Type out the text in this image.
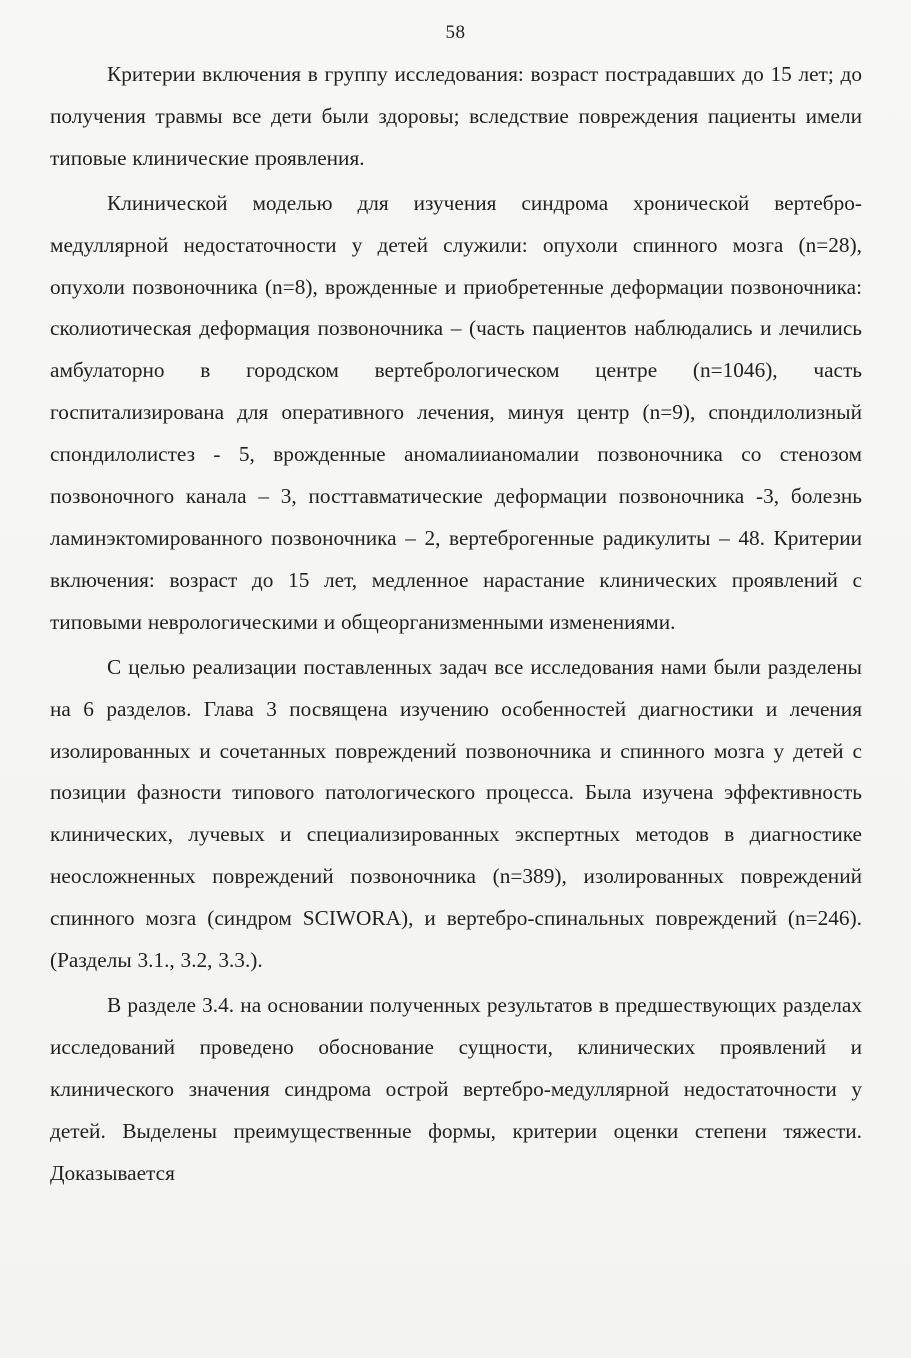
58

Критерии включения в группу исследования: возраст пострадавших до 15 лет; до получения травмы все дети были здоровы; вследствие повреждения пациенты имели типовые клинические проявления.

Клинической моделью для изучения синдрома хронической вертебро-медуллярной недостаточности у детей служили: опухоли спинного мозга (n=28), опухоли позвоночника (n=8), врожденные и приобретенные деформации позвоночника: сколиотическая деформация позвоночника – (часть пациентов наблюдались и лечились амбулаторно в городском вертебрологическом центре (n=1046), часть госпитализирована для оперативного лечения, минуя центр (n=9), спондилолизный спондилолистез - 5, врожденные аномалиианомалии позвоночника со стенозом позвоночного канала – 3, посттавматические деформации позвоночника -3, болезнь ламинэктомированного позвоночника – 2, вертеброгенные радикулиты – 48. Критерии включения: возраст до 15 лет, медленное нарастание клинических проявлений с типовыми неврологическими и общеорганизменными изменениями.

С целью реализации поставленных задач все исследования нами были разделены на 6 разделов. Глава 3 посвящена изучению особенностей диагностики и лечения изолированных и сочетанных повреждений позвоночника и спинного мозга у детей с позиции фазности типового патологического процесса. Была изучена эффективность клинических, лучевых и специализированных экспертных методов в диагностике неосложненных повреждений позвоночника (n=389), изолированных повреждений спинного мозга (синдром SCIWORA), и вертебро-спинальных повреждений (n=246). (Разделы 3.1., 3.2, 3.3.).

В разделе 3.4. на основании полученных результатов в предшествующих разделах исследований проведено обоснование сущности, клинических проявлений и клинического значения синдрома острой вертебро-медуллярной недостаточности у детей. Выделены преимущественные формы, критерии оценки степени тяжести. Доказывается
